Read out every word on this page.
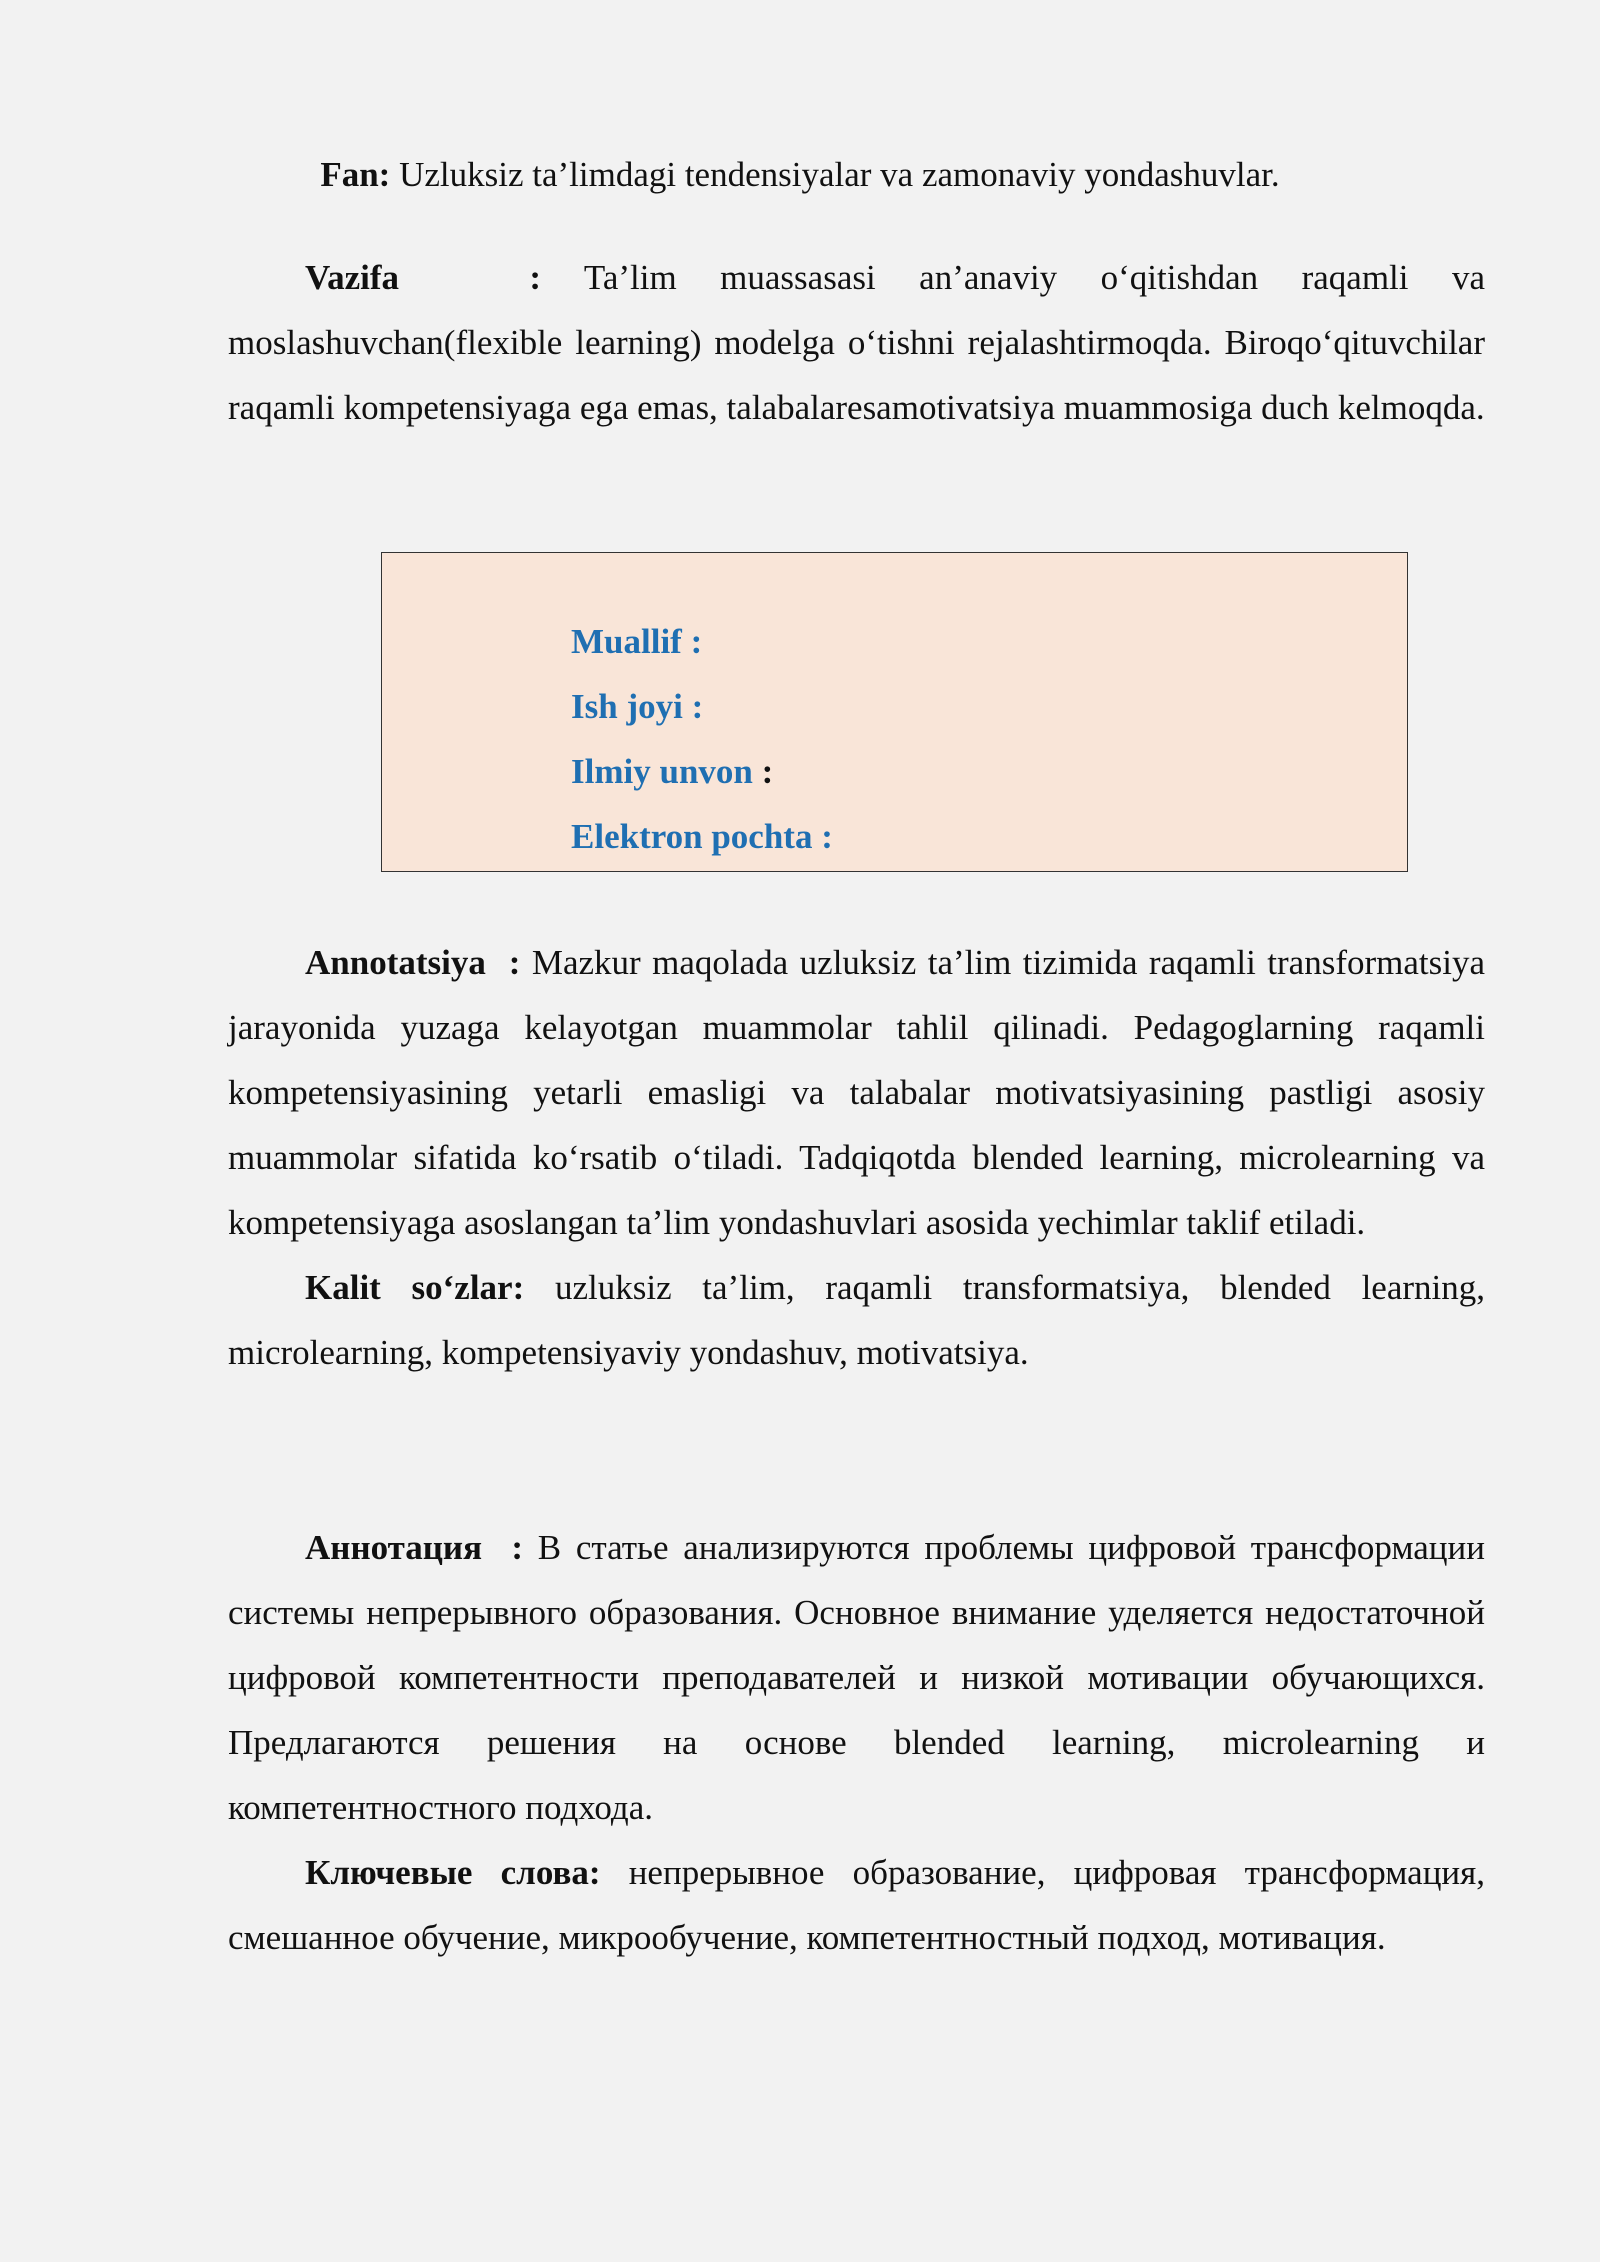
Fan: Uzluksiz ta’limdagi tendensiyalar va zamonaviy yondashuvlar.

Vazifa   : Ta’lim muassasasi an’anaviy o‘qitishdan raqamli va moslashuvchan(flexible learning) modelga o‘tishni rejalashtirmoqda. Biroqo‘qituvchilar raqamli kompetensiyaga ega emas, talabalaresamotivatsiya muammosiga duch kelmoqda.

Muallif :
Ish joyi :
Ilmiy unvon :
Elektron pochta :

Annotatsiya  : Mazkur maqolada uzluksiz ta’lim tizimida raqamli transformatsiya jarayonida yuzaga kelayotgan muammolar tahlil qilinadi. Pedagoglarning raqamli kompetensiyasining yetarli emasligi va talabalar motivatsiyasining pastligi asosiy muammolar sifatida ko‘rsatib o‘tiladi. Tadqiqotda blended learning, microlearning va kompetensiyaga asoslangan ta’lim yondashuvlari asosida yechimlar taklif etiladi.

Kalit so‘zlar: uzluksiz ta’lim, raqamli transformatsiya, blended learning, microlearning, kompetensiyaviy yondashuv, motivatsiya.

Аннотация  : В статье анализируются проблемы цифровой трансформации системы непрерывного образования. Основное внимание уделяется недостаточной цифровой компетентности преподавателей и низкой мотивации обучающихся. Предлагаются решения на основе blended learning, microlearning и компетентностного подхода.

Ключевые слова: непрерывное образование, цифровая трансформация, смешанное обучение, микрообучение, компетентностный подход, мотивация.
